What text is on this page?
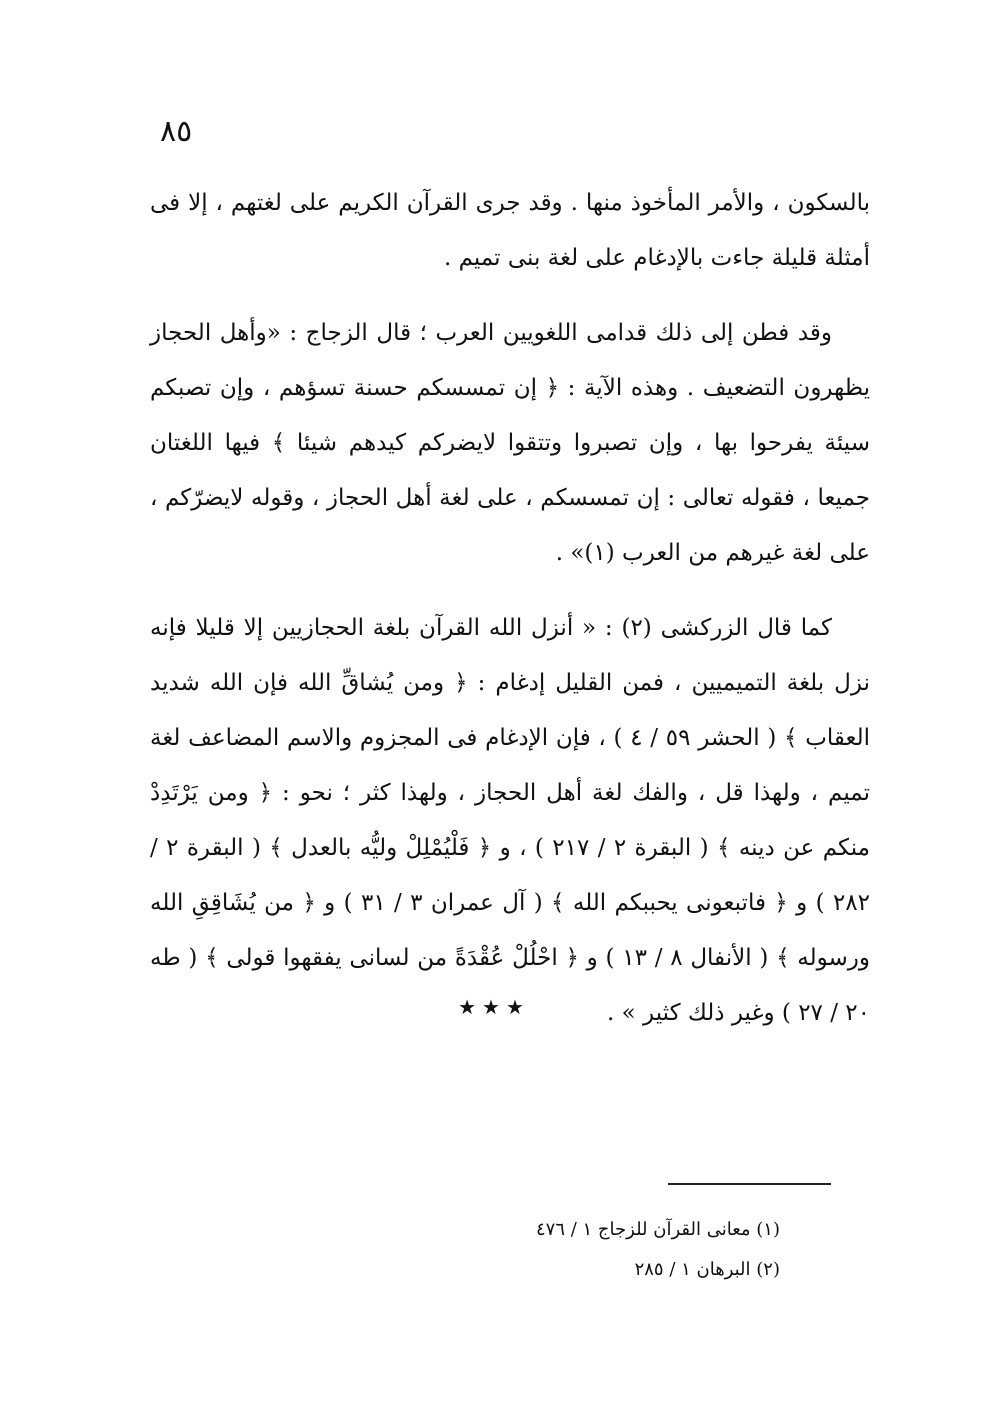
٨٥

بالسكون ، والأمر المأخوذ منها . وقد جرى القرآن الكريم على لغتهم ، إلا فى أمثلة قليلة جاءت بالإدغام على لغة بنى تميم .

وقد فطن إلى ذلك قدامى اللغويين العرب ؛ قال الزجاج : «وأهل الحجاز يظهرون التضعيف . وهذه الآية : ﴿ إن تمسسكم حسنة تسؤهم ، وإن تصبكم سيئة يفرحوا بها ، وإن تصبروا وتتقوا لايضركم كيدهم شيئا ﴾ فيها اللغتان جميعا ، فقوله تعالى : إن تمسسكم ، على لغة أهل الحجاز ، وقوله لايضرّكم ، على لغة غيرهم من العرب (١)» .

كما قال الزركشى (٢) : « أنزل الله القرآن بلغة الحجازيين إلا قليلا فإنه نزل بلغة التميميين ، فمن القليل إدغام : ﴿ ومن يُشاقِّ الله فإن الله شديد العقاب ﴾ ( الحشر ٥٩ / ٤ ) ، فإن الإدغام فى المجزوم والاسم المضاعف لغة تميم ، ولهذا قل ، والفك لغة أهل الحجاز ، ولهذا كثر ؛ نحو : ﴿ ومن يَرْتَدِدْ منكم عن دينه ﴾ ( البقرة ٢ / ٢١٧ ) ، و ﴿ فَلْيُمْلِلْ وليُّه بالعدل ﴾ ( البقرة ٢ / ٢٨٢ ) و ﴿ فاتبعونى يحببكم الله ﴾ ( آل عمران ٣ / ٣١ ) و ﴿ من يُشَاقِقِ الله ورسوله ﴾ ( الأنفال ٨ / ١٣ ) و ﴿ احْلُلْ عُقْدَةً من لسانى يفقهوا قولى ﴾ ( طه ٢٠ / ٢٧ ) وغير ذلك كثير » .

★★★
(١) معانى القرآن للزجاج ١ / ٤٧٦
(٢) البرهان ١ / ٢٨٥
